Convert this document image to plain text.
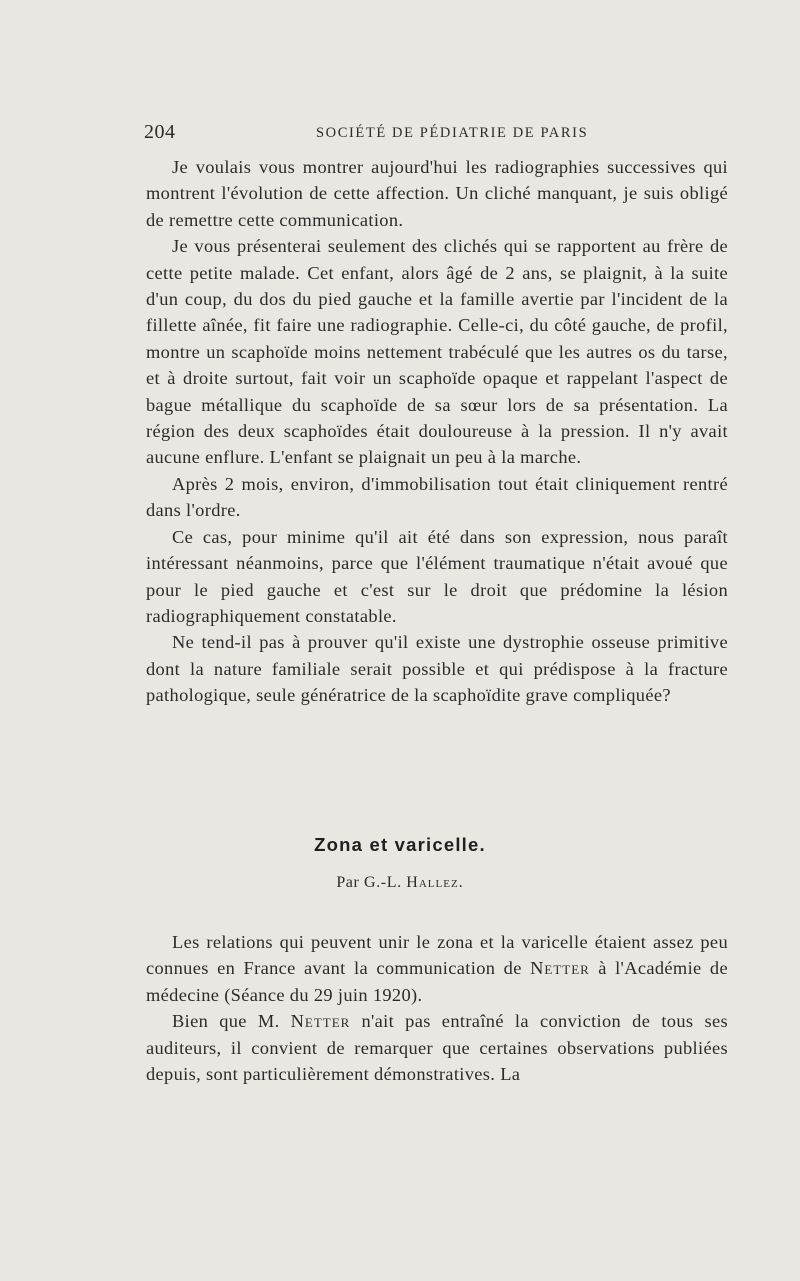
204	SOCIÉTÉ DE PÉDIATRIE DE PARIS

Je voulais vous montrer aujourd'hui les radiographies successives qui montrent l'évolution de cette affection. Un cliché manquant, je suis obligé de remettre cette communication.

Je vous présenterai seulement des clichés qui se rapportent au frère de cette petite malade. Cet enfant, alors âgé de 2 ans, se plaignit, à la suite d'un coup, du dos du pied gauche et la famille avertie par l'incident de la fillette aînée, fit faire une radiographie. Celle-ci, du côté gauche, de profil, montre un scaphoïde moins nettement trabéculé que les autres os du tarse, et à droite surtout, fait voir un scaphoïde opaque et rappelant l'aspect de bague métallique du scaphoïde de sa sœur lors de sa présentation. La région des deux scaphoïdes était douloureuse à la pression. Il n'y avait aucune enflure. L'enfant se plaignait un peu à la marche.

Après 2 mois, environ, d'immobilisation tout était cliniquement rentré dans l'ordre.

Ce cas, pour minime qu'il ait été dans son expression, nous paraît intéressant néanmoins, parce que l'élément traumatique n'était avoué que pour le pied gauche et c'est sur le droit que prédomine la lésion radiographiquement constatable.

Ne tend-il pas à prouver qu'il existe une dystrophie osseuse primitive dont la nature familiale serait possible et qui prédispose à la fracture pathologique, seule génératrice de la scaphoïdite grave compliquée?

Zona et varicelle.
Par G.-L. Hallez.

Les relations qui peuvent unir le zona et la varicelle étaient assez peu connues en France avant la communication de Netter à l'Académie de médecine (Séance du 29 juin 1920).

Bien que M. Netter n'ait pas entraîné la conviction de tous ses auditeurs, il convient de remarquer que certaines observations publiées depuis, sont particulièrement démonstratives. La
